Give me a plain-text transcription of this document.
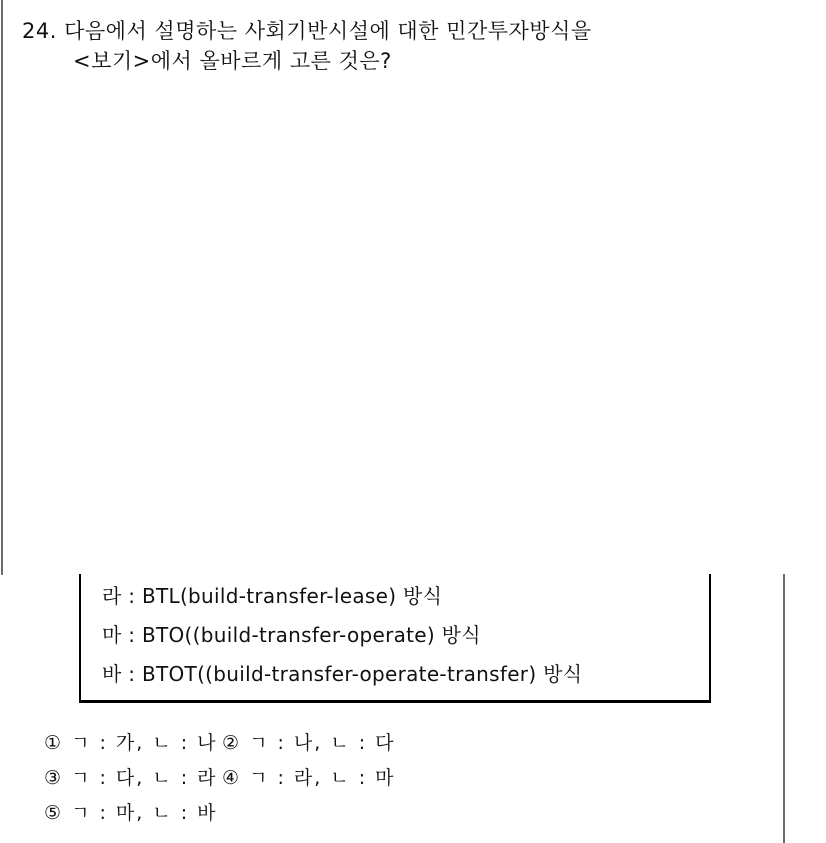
24. 다음에서 설명하는 사회기반시설에 대한 민간투자방식을
<보기>에서 올바르게 고른 것은?
라 : BTL(build-transfer-lease) 방식
마 : BTO((build-transfer-operate) 방식
바 : BTOT((build-transfer-operate-transfer) 방식
① ㄱ : 가, ㄴ : 나 ② ㄱ : 나, ㄴ : 다
③ ㄱ : 다, ㄴ : 라 ④ ㄱ : 라, ㄴ : 마
⑤ ㄱ : 마, ㄴ : 바
